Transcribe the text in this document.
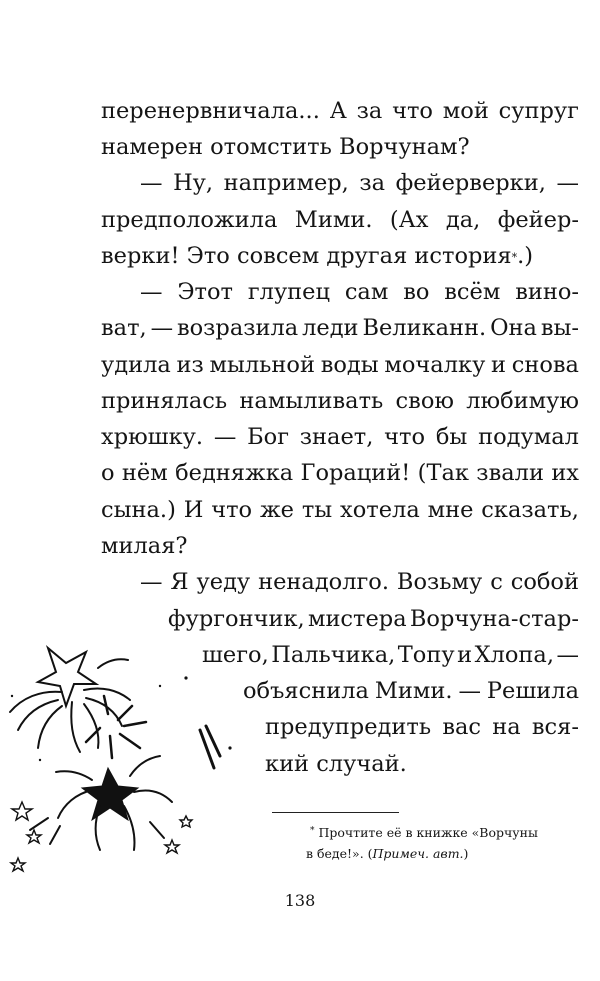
перенервничала... А за что мой супруг
намерен отомстить Ворчунам?
— Ну, например, за фейерверки, —
предположила Мими. (Ах да, фейер-
верки! Это совсем другая история * .)
— Этот глупец сам во всём вино-
ват, — возразила леди Великанн. Она вы-
удила из мыльной воды мочалку и снова
принялась намыливать свою любимую
хрюшку. — Бог знает, что бы подумал
о нём бедняжка Гораций! (Так звали их
сына.) И что же ты хотела мне сказать,
милая?
— Я уеду ненадолго. Возьму с собой
фургончик, мистера Ворчуна-стар-
шего, Пальчика, Топу и Хлопа, —
объяснила Мими. — Решила
предупредить вас на вся-
кий случай.
* Прочтите её в книжке «Ворчуны
в беде!». (Примеч. авт.)
138
